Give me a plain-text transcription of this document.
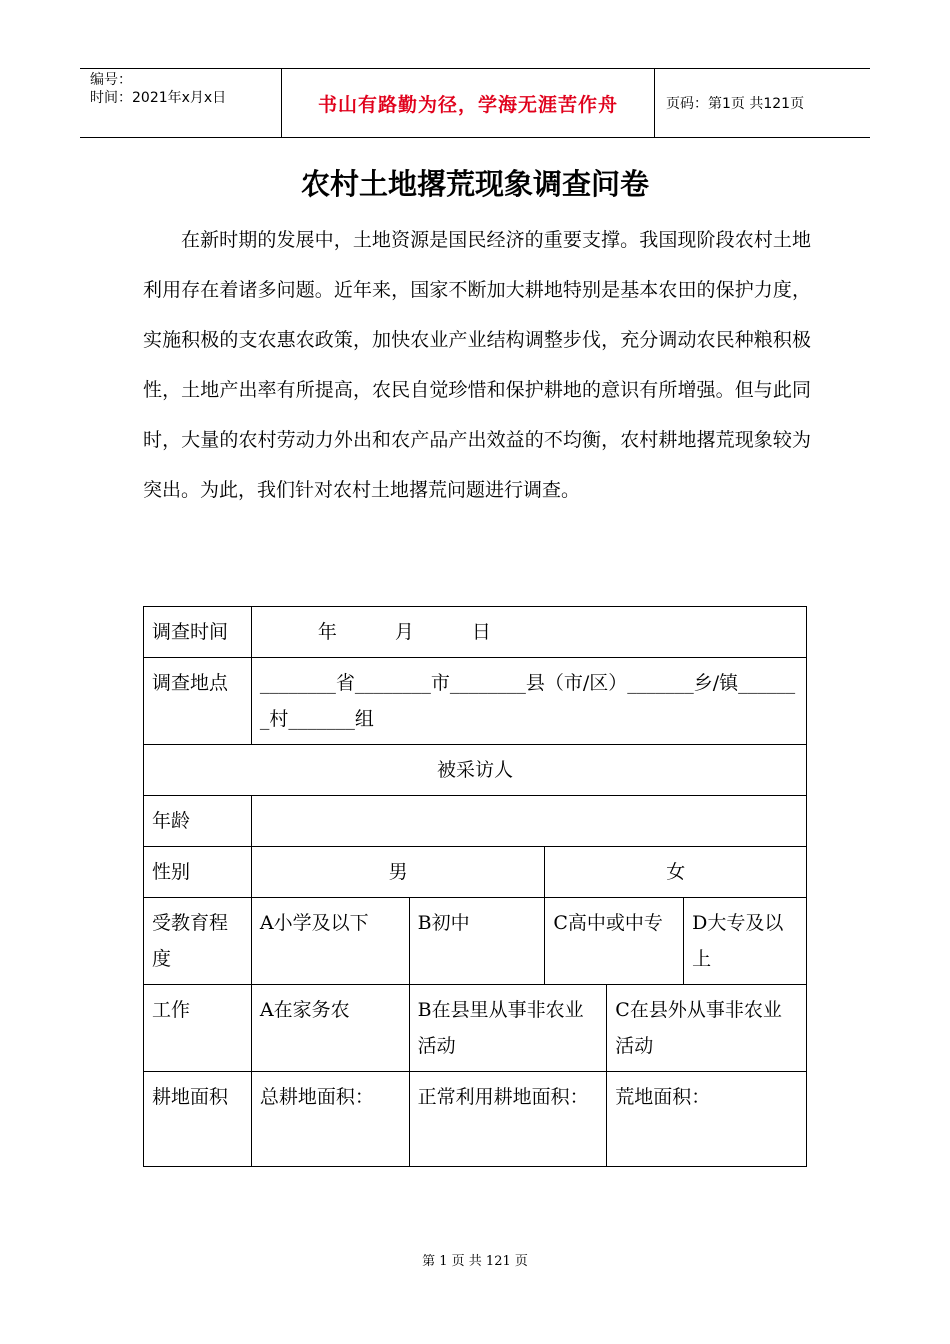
编号：
时间：2021年x月x日	书山有路勤为径，学海无涯苦作舟	页码：第1页 共121页
农村土地撂荒现象调查问卷

在新时期的发展中，土地资源是国民经济的重要支撑。我国现阶段农村土地利用存在着诸多问题。近年来，国家不断加大耕地特别是基本农田的保护力度，实施积极的支农惠农政策，加快农业产业结构调整步伐，充分调动农民种粮积极性，土地产出率有所提高，农民自觉珍惜和保护耕地的意识有所增强。但与此同时，大量的农村劳动力外出和农产品产出效益的不均衡，农村耕地撂荒现象较为突出。为此，我们针对农村土地撂荒问题进行调查。

调查时间	年 月 日				
调查地点	________省________市________县（市/区）_______乡/镇_______村_______组				
被采访人					
年龄					
性别	男		女		
受教育程度	A小学及以下	B初中	C高中或中专		D大专及以上
工作	A在家务农	B在县里从事非农业活动		C在县外从事非农业活动	
耕地面积	总耕地面积：	正常利用耕地面积：		荒地面积：	
第 1 页 共 121 页
